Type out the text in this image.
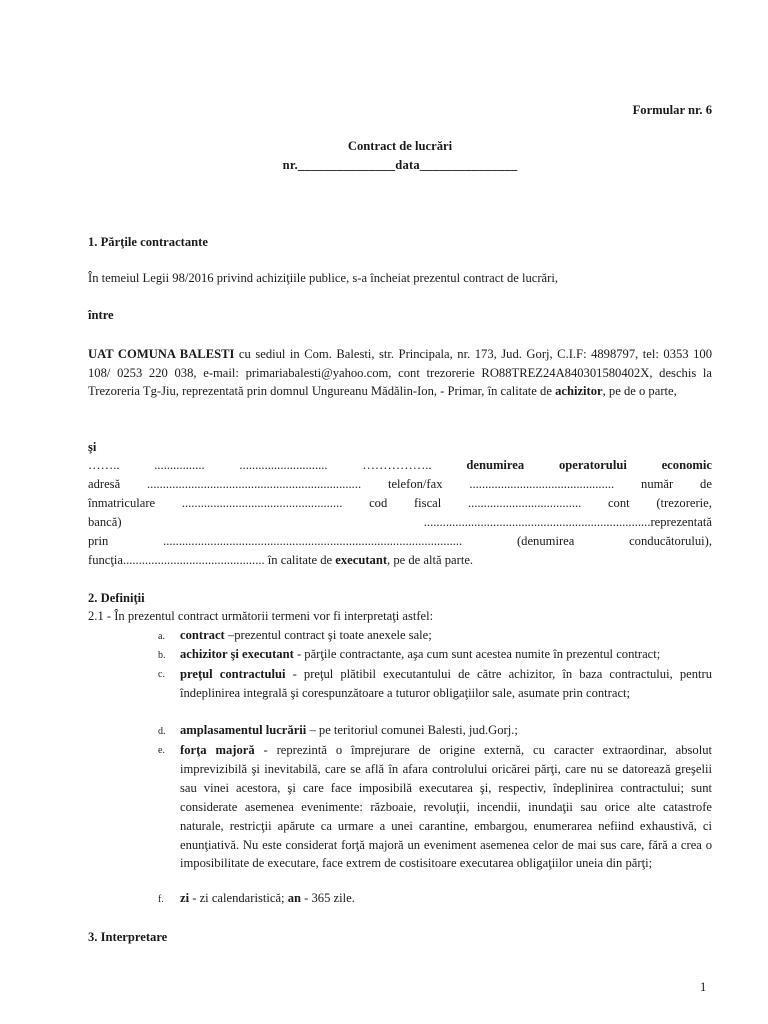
Formular nr. 6
Contract de lucrări
nr._______________data_______________
1. Părţile contractante
În temeiul Legii 98/2016 privind achiziţiile publice, s-a încheiat prezentul contract de lucrări,
între
UAT COMUNA BALESTI cu sediul in Com. Balesti, str. Principala, nr. 173, Jud. Gorj, C.I.F: 4898797, tel: 0353 100 108/ 0253 220 038, e-mail: primariabalesti@yahoo.com, cont trezorerie RO88TREZ24A840301580402X, deschis la Trezoreria Tg-Jiu, reprezentată prin domnul Ungureanu Mădălin-Ion, - Primar, în calitate de achizitor, pe de o parte,
şi
……..	................	............................	……………..	denumirea	operatorului	economic
adresă .................................................................... telefon/fax .............................................. număr de
înmatriculare ................................................... cod fiscal .................................... cont (trezorerie,
bancă)	........................................................................reprezentată
prin	...............................................................................................	(denumirea	conducătorului),
funcţia............................................. în calitate de executant, pe de altă parte.
2. Definiţii
2.1 - În prezentul contract următorii termeni vor fi interpretaţi astfel:
a. contract –prezentul contract şi toate anexele sale;
b. achizitor şi executant - părţile contractante, aşa cum sunt acestea numite în prezentul contract;
c. preţul contractului - preţul plătibil executantului de către achizitor, în baza contractului, pentru îndeplinirea integrală şi corespunzătoare a tuturor obligaţiilor sale, asumate prin contract;
d. amplasamentul lucrării – pe teritoriul comunei Balesti, jud.Gorj.;
e. forţa majoră - reprezintă o împrejurare de origine externă, cu caracter extraordinar, absolut imprevizibilă şi inevitabilă, care se află în afara controlului oricărei părţi, care nu se datorează greşelii sau vinei acestora, şi care face imposibilă executarea şi, respectiv, îndeplinirea contractului; sunt considerate asemenea evenimente: războaie, revoluţii, incendii, inundaţii sau orice alte catastrofe naturale, restricţii apărute ca urmare a unei carantine, embargou, enumerarea nefiind exhaustivă, ci enunţiativă. Nu este considerat forţă majoră un eveniment asemenea celor de mai sus care, fără a crea o imposibilitate de executare, face extrem de costisitoare executarea obligaţiilor uneia din părţi;
f. zi - zi calendaristică; an - 365 zile.
3. Interpretare
1
